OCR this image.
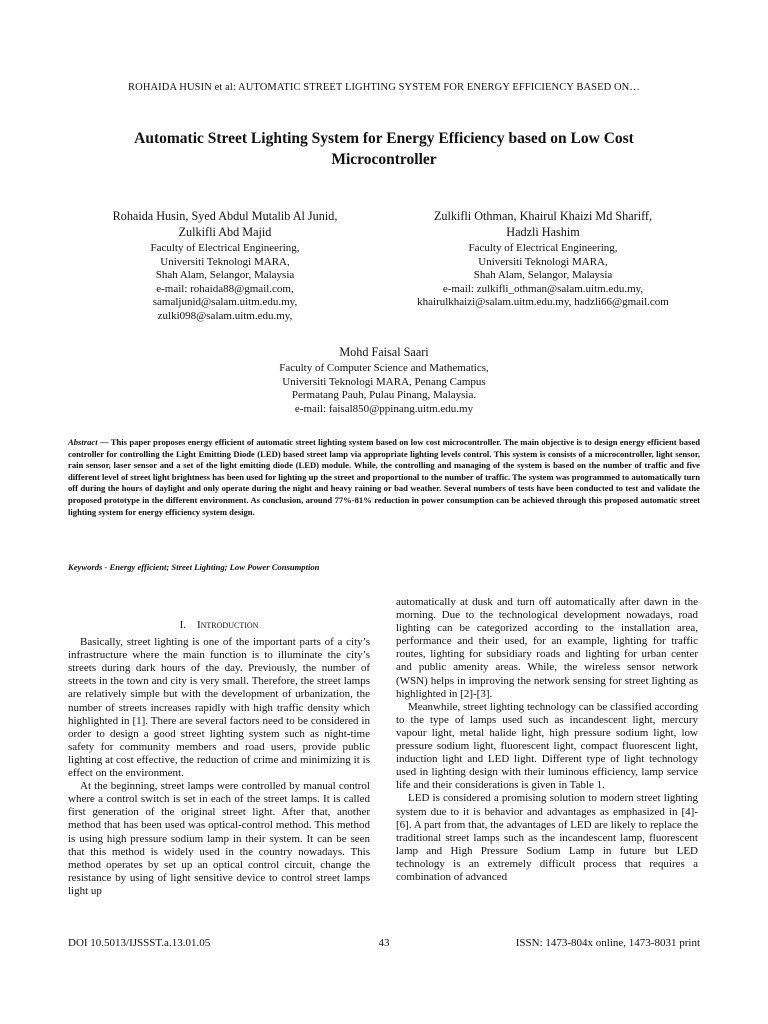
ROHAIDA HUSIN et al: AUTOMATIC STREET LIGHTING SYSTEM FOR ENERGY EFFICIENCY BASED ON…
Automatic Street Lighting System for Energy Efficiency based on Low Cost Microcontroller
Rohaida Husin, Syed Abdul Mutalib Al Junid,
Zulkifli Abd Majid
Faculty of Electrical Engineering,
Universiti Teknologi MARA,
Shah Alam, Selangor, Malaysia
e-mail: rohaida88@gmail.com,
samaljunid@salam.uitm.edu.my,
zulki098@salam.uitm.edu.my,
Zulkifli Othman, Khairul Khaizi Md Shariff,
Hadzli Hashim
Faculty of Electrical Engineering,
Universiti Teknologi MARA,
Shah Alam, Selangor, Malaysia
e-mail: zulkifli_othman@salam.uitm.edu.my,
khairulkhaizi@salam.uitm.edu.my, hadzli66@gmail.com
Mohd Faisal Saari
Faculty of Computer Science and Mathematics,
Universiti Teknologi MARA, Penang Campus
Permatang Pauh, Pulau Pinang, Malaysia.
e-mail: faisal850@ppinang.uitm.edu.my
Abstract — This paper proposes energy efficient of automatic street lighting system based on low cost microcontroller. The main objective is to design energy efficient based controller for controlling the Light Emitting Diode (LED) based street lamp via appropriate lighting levels control. This system is consists of a microcontroller, light sensor, rain sensor, laser sensor and a set of the light emitting diode (LED) module. While, the controlling and managing of the system is based on the number of traffic and five different level of street light brightness has been used for lighting up the street and proportional to the number of traffic. The system was programmed to automatically turn off during the hours of daylight and only operate during the night and heavy raining or bad weather. Several numbers of tests have been conducted to test and validate the proposed prototype in the different environment. As conclusion, around 77%-81% reduction in power consumption can be achieved through this proposed automatic street lighting system for energy efficiency system design.
Keywords - Energy efficient; Street Lighting; Low Power Consumption
I. Introduction

Basically, street lighting is one of the important parts of a city’s infrastructure where the main function is to illuminate the city’s streets during dark hours of the day. Previously, the number of streets in the town and city is very small. Therefore, the street lamps are relatively simple but with the development of urbanization, the number of streets increases rapidly with high traffic density which highlighted in [1]. There are several factors need to be considered in order to design a good street lighting system such as night-time safety for community members and road users, provide public lighting at cost effective, the reduction of crime and minimizing it is effect on the environment.

At the beginning, street lamps were controlled by manual control where a control switch is set in each of the street lamps. It is called first generation of the original street light. After that, another method that has been used was optical-control method. This method is using high pressure sodium lamp in their system. It can be seen that this method is widely used in the country nowadays. This method operates by set up an optical control circuit, change the resistance by using of light sensitive device to control street lamps light up

automatically at dusk and turn off automatically after dawn in the morning. Due to the technological development nowadays, road lighting can be categorized according to the installation area, performance and their used, for an example, lighting for traffic routes, lighting for subsidiary roads and lighting for urban center and public amenity areas. While, the wireless sensor network (WSN) helps in improving the network sensing for street lighting as highlighted in [2]-[3].

Meanwhile, street lighting technology can be classified according to the type of lamps used such as incandescent light, mercury vapour light, metal halide light, high pressure sodium light, low pressure sodium light, fluorescent light, compact fluorescent light, induction light and LED light. Different type of light technology used in lighting design with their luminous efficiency, lamp service life and their considerations is given in Table 1.

LED is considered a promising solution to modern street lighting system due to it is behavior and advantages as emphasized in [4]-[6]. A part from that, the advantages of LED are likely to replace the traditional street lamps such as the incandescent lamp, fluorescent lamp and High Pressure Sodium Lamp in future but LED technology is an extremely difficult process that requires a combination of advanced

DOI 10.5013/IJSSST.a.13.01.05	43	ISSN: 1473-804x online, 1473-8031 print
